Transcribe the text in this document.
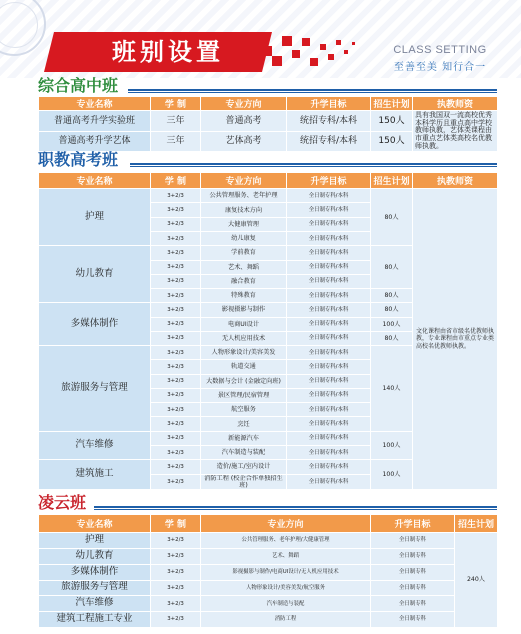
班别设置	CLASS SETTING
至善至美 知行合一
综合高中班
专业名称	学 制	专业方向	升学目标	招生计划	执教师资
普通高考升学实验班	三年	普通高考	统招专科/本科	150人	具有我国双一流高校优秀本科学历且重点高中学校教师执教，艺体类课程由市重点艺体类高校名优教师执教。
普通高考升学艺体	三年	艺体高考	统招专科/本科	150人	
职教高考班
专业名称	学 制	专业方向	升学目标	招生计划	执教师资
护理	3+2/3	公共管理服务、老年护理	全日制专科/本科	80人	文化课程由省市级名优教师执教，专业课程由市重点专业类高校名优教师执教。
	3+2/3	康复技术方向	全日制专科/本科		
	3+2/3	大健康管理	全日制专科/本科		
	3+2/3	幼儿康复	全日制专科/本科		
幼儿教育	3+2/3	学前教育	全日制专科/本科	80人	
	3+2/3	艺术、舞蹈	全日制专科/本科		
	3+2/3	融合教育	全日制专科/本科		
	3+2/3	特殊教育	全日制专科/本科	80人	
多媒体制作	3+2/3	影视摄影与制作	全日制专科/本科	80人	
	3+2/3	电商UI设计	全日制专科/本科	100人	
	3+2/3	无人机应用技术	全日制专科/本科	80人	
旅游服务与管理	3+2/3	人物形象设计/美容美发	全日制专科/本科	140人	
	3+2/3	轨道交通	全日制专科/本科		
	3+2/3	大数据与会计 (金融定向班)	全日制专科/本科		
	3+2/3	景区管理/民宿管理	全日制专科/本科		
	3+2/3	航空服务	全日制专科/本科		
	3+2/3	烹饪	全日制专科/本科		
汽车维修	3+2/3	新能源汽车	全日制专科/本科	100人	
	3+2/3	汽车制造与装配	全日制专科/本科		
建筑施工	3+2/3	造价/施工/室内设计	全日制专科/本科	100人	
	3+2/3	消防工程 (校企合作单独招生班)	全日制专科/本科		
凌云班
专业名称	学 制	专业方向	升学目标	招生计划
护理	3+2/3	公共管理服务、老年护理/大健康管理	全日制专科	240人
幼儿教育	3+2/3	艺术、舞蹈	全日制专科	
多媒体制作	3+2/3	影视摄影与制作/电商UI设计/无人机应用技术	全日制专科	
旅游服务与管理	3+2/3	人物形象设计/美容美发/航空服务	全日制专科	
汽车维修	3+2/3	汽车制造与装配	全日制专科	
建筑工程施工专业	3+2/3	消防工程	全日制专科	
